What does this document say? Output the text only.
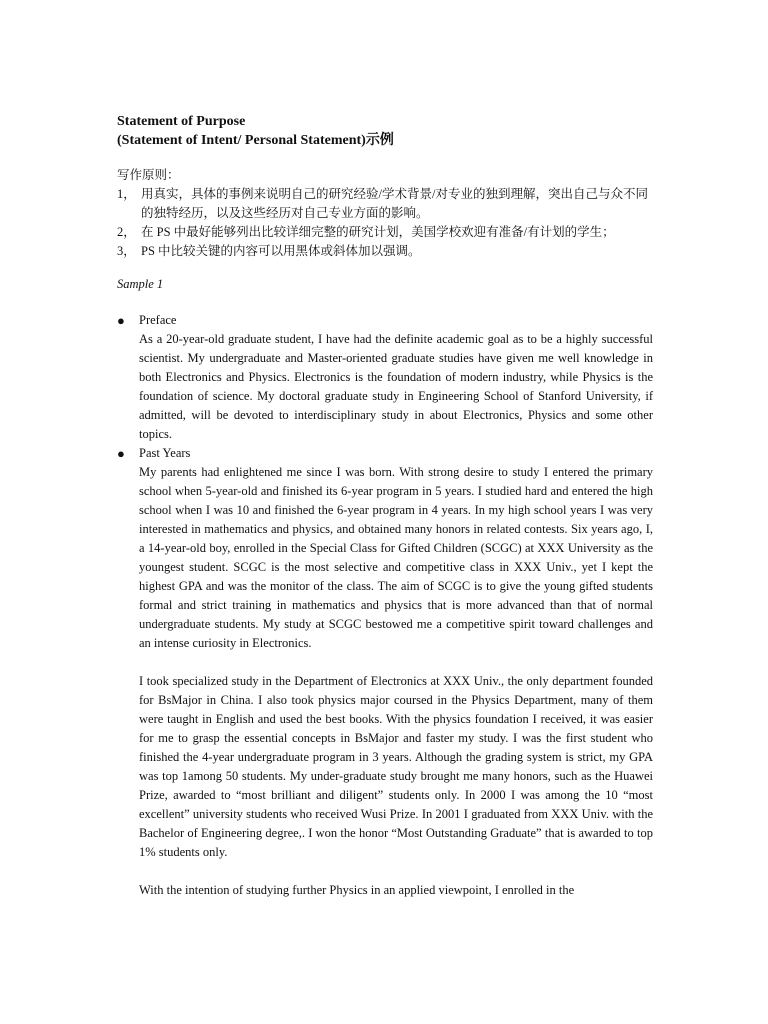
Statement of Purpose

(Statement of Intent/ Personal Statement)示例

写作原则：

1， 用真实，具体的事例来说明自己的研究经验/学术背景/对专业的独到理解，突出自己与众不同的独特经历，以及这些经历对自己专业方面的影响。
2， 在 PS 中最好能够列出比较详细完整的研究计划，美国学校欢迎有准备/有计划的学生；
3， PS 中比较关键的内容可以用黑体或斜体加以强调。

Sample 1

●	Preface

As a 20-year-old graduate student, I have had the definite academic goal as to be a highly successful scientist. My undergraduate and Master-oriented graduate studies have given me well knowledge in both Electronics and Physics. Electronics is the foundation of modern industry, while Physics is the foundation of science. My doctoral graduate study in Engineering School of Stanford University, if admitted, will be devoted to interdisciplinary study in about Electronics, Physics and some other topics.

●	Past Years

My parents had enlightened me since I was born. With strong desire to study I entered the primary school when 5-year-old and finished its 6-year program in 5 years. I studied hard and entered the high school when I was 10 and finished the 6-year program in 4 years. In my high school years I was very interested in mathematics and physics, and obtained many honors in related contests. Six years ago, I, a 14-year-old boy, enrolled in the Special Class for Gifted Children (SCGC) at XXX University as the youngest student. SCGC is the most selective and competitive class in XXX Univ., yet I kept the highest GPA and was the monitor of the class. The aim of SCGC is to give the young gifted students formal and strict training in mathematics and physics that is more advanced than that of normal undergraduate students. My study at SCGC bestowed me a competitive spirit toward challenges and an intense curiosity in Electronics.

I took specialized study in the Department of Electronics at XXX Univ., the only department founded for BsMajor in China. I also took physics major coursed in the Physics Department, many of them were taught in English and used the best books. With the physics foundation I received, it was easier for me to grasp the essential concepts in BsMajor and faster my study. I was the first student who finished the 4-year undergraduate program in 3 years. Although the grading system is strict, my GPA was top 1among 50 students. My under-graduate study brought me many honors, such as the Huawei Prize, awarded to “most brilliant and diligent” students only. In 2000 I was among the 10 “most excellent” university students who received Wusi Prize. In 2001 I graduated from XXX Univ. with the Bachelor of Engineering degree,. I won the honor “Most Outstanding Graduate” that is awarded to top 1% students only.

With the intention of studying further Physics in an applied viewpoint, I enrolled in the
